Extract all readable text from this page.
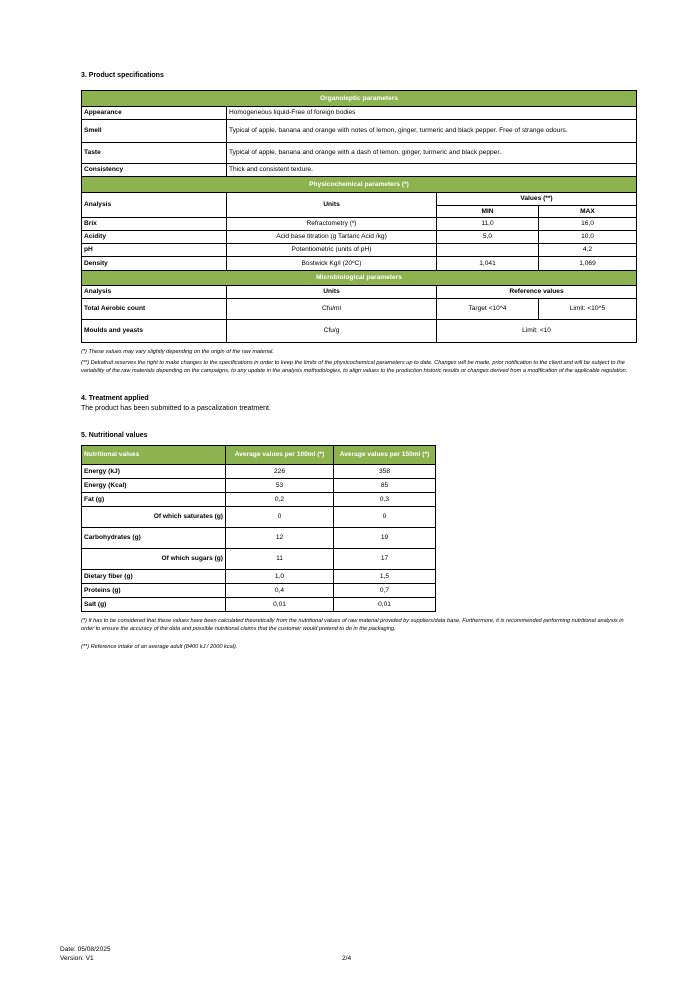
3. Product specifications
Organoleptic parameters			
Appearance	Homogeneous liquid-Free of foreign bodies		
Smell	Typical of apple, banana and orange with notes of lemon, ginger, turmeric and black pepper. Free of strange odours.		
Taste	Typical of apple, banana and orange with a dash of lemon, ginger, turmeric and black pepper..		
Consistency	Thick and consistent texture.		
Physicochemical parameters (*)			
Analysis	Units	Values (**)	
		MIN	MAX
Brix	Refractometry (º)	11,0	16,0
Acidity	Acid base titration (g Tartaric Acid /kg)	5,0	10,0
pH	Potentiometric (units of pH)		4,2
Density	Bostwick Kg/l (20ºC)	1,041	1,069
Microbiological parameters			
Analysis	Units	Reference values	
Total Aerobic count	Cfu/ml	Target <10^4	Limit: <10^5
Moulds and yeasts	Cfu/g	Limit: <10	
(*) These values may vary slightly depending on the origin of the raw material.
(**) Dekafruit reserves the right to make changes to the specifications in order to keep the limits of the physicochemical parameters up to date. Changes will be made, prior notification to the client and will be subject to the variability of the raw materials depending on the campaigns, to any update in the analysis methodologies, to align values to the production historic results or changes derived from a modification of the applicable regulation.
4. Treatment applied
The product has been submitted to a pascalization treatment.
5. Nutritional values
Nutritional values	Average values per 100ml (*)	Average values per 150ml (*)
Energy (kJ)	226	358
Energy (Kcal)	53	85
Fat (g)	0,2	0,3
Of which saturates (g)	0	0
Carbohydrates (g)	12	19
Of which sugars (g)	11	17
Dietary fiber (g)	1,0	1,5
Proteins (g)	0,4	0,7
Salt (g)	0,01	0,01
(*) It has to be considered that these values have been calculated theoretically from the nutritional values of raw material provided by suppliers/data base. Furthermore, it is recommended performing nutritional analysis in order to ensure the accuracy of the data and possible nutritional claims that the customer would pretend to do in the packaging.
(**) Reference intake of an average adult (8400 kJ / 2000 kcal).
Date: 05/08/2025
Version: V1	2/4
